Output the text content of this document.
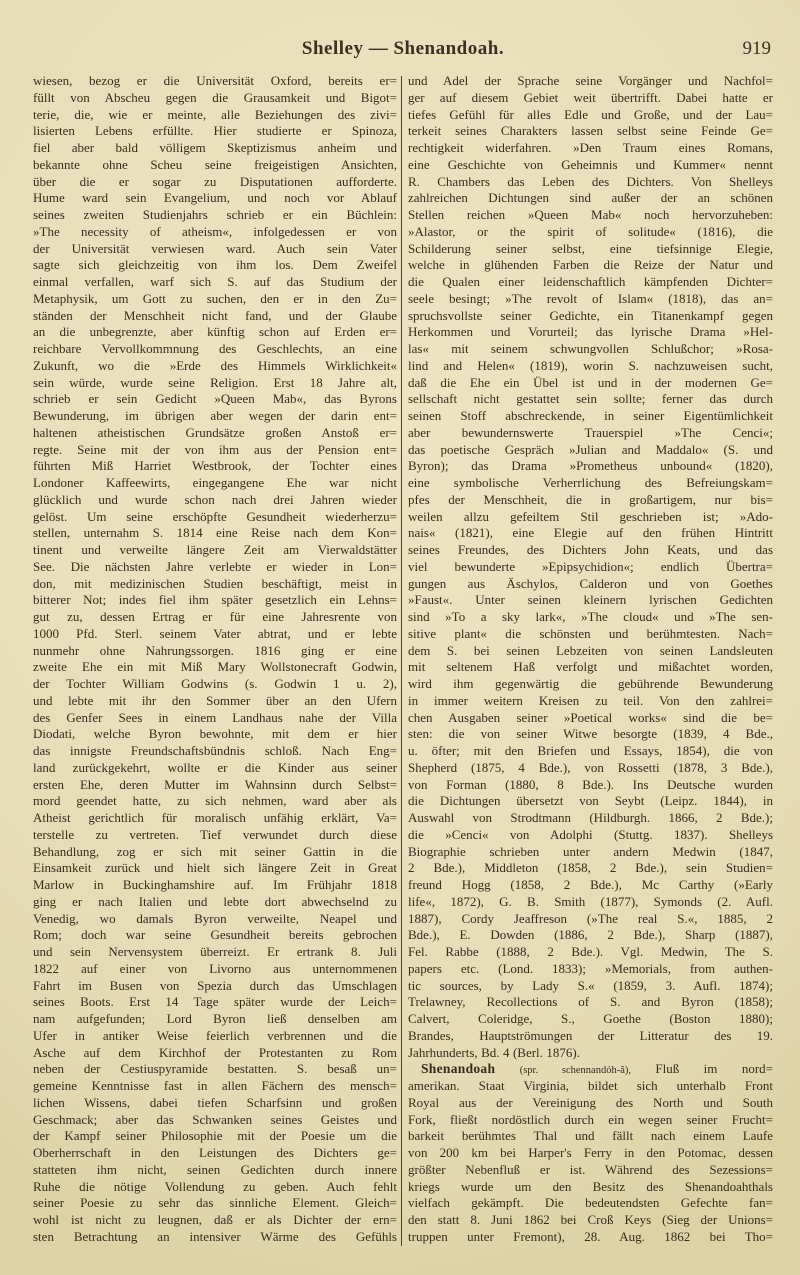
Shelley — Shenandoah.	919
wiesen, bezog er die Universität Oxford, bereits er=
füllt von Abscheu gegen die Grausamkeit und Bigot=
terie, die, wie er meinte, alle Beziehungen des zivi=
lisierten Lebens erfüllte. Hier studierte er Spinoza,
fiel aber bald völligem Skeptizismus anheim und
bekannte ohne Scheu seine freigeistigen Ansichten,
über die er sogar zu Disputationen aufforderte.
Hume ward sein Evangelium, und noch vor Ablauf
seines zweiten Studienjahrs schrieb er ein Büchlein:
»The necessity of atheism«, infolgedessen er von
der Universität verwiesen ward. Auch sein Vater
sagte sich gleichzeitig von ihm los. Dem Zweifel
einmal verfallen, warf sich S. auf das Studium der
Metaphysik, um Gott zu suchen, den er in den Zu=
ständen der Menschheit nicht fand, und der Glaube
an die unbegrenzte, aber künftig schon auf Erden er=
reichbare Vervollkommnung des Geschlechts, an eine
Zukunft, wo die »Erde des Himmels Wirklichkeit«
sein würde, wurde seine Religion. Erst 18 Jahre alt,
schrieb er sein Gedicht »Queen Mab«, das Byrons
Bewunderung, im übrigen aber wegen der darin ent=
haltenen atheistischen Grundsätze großen Anstoß er=
regte. Seine mit der von ihm aus der Pension ent=
führten Miß Harriet Westbrook, der Tochter eines
Londoner Kaffeewirts, eingegangene Ehe war nicht
glücklich und wurde schon nach drei Jahren wieder
gelöst. Um seine erschöpfte Gesundheit wiederherzu=
stellen, unternahm S. 1814 eine Reise nach dem Kon=
tinent und verweilte längere Zeit am Vierwaldstätter
See. Die nächsten Jahre verlebte er wieder in Lon=
don, mit medizinischen Studien beschäftigt, meist in
bitterer Not; indes fiel ihm später gesetzlich ein Lehns=
gut zu, dessen Ertrag er für eine Jahresrente von
1000 Pfd. Sterl. seinem Vater abtrat, und er lebte
nunmehr ohne Nahrungssorgen. 1816 ging er eine
zweite Ehe ein mit Miß Mary Wollstonecraft Godwin,
der Tochter William Godwins (s. Godwin 1 u. 2),
und lebte mit ihr den Sommer über an den Ufern
des Genfer Sees in einem Landhaus nahe der Villa
Diodati, welche Byron bewohnte, mit dem er hier
das innigste Freundschaftsbündnis schloß. Nach Eng=
land zurückgekehrt, wollte er die Kinder aus seiner
ersten Ehe, deren Mutter im Wahnsinn durch Selbst=
mord geendet hatte, zu sich nehmen, ward aber als
Atheist gerichtlich für moralisch unfähig erklärt, Va=
terstelle zu vertreten. Tief verwundet durch diese
Behandlung, zog er sich mit seiner Gattin in die
Einsamkeit zurück und hielt sich längere Zeit in Great
Marlow in Buckinghamshire auf. Im Frühjahr 1818
ging er nach Italien und lebte dort abwechselnd zu
Venedig, wo damals Byron verweilte, Neapel und
Rom; doch war seine Gesundheit bereits gebrochen
und sein Nervensystem überreizt. Er ertrank 8. Juli
1822 auf einer von Livorno aus unternommenen
Fahrt im Busen von Spezia durch das Umschlagen
seines Boots. Erst 14 Tage später wurde der Leich=
nam aufgefunden; Lord Byron ließ denselben am
Ufer in antiker Weise feierlich verbrennen und die
Asche auf dem Kirchhof der Protestanten zu Rom
neben der Cestiuspyramide bestatten. S. besaß un=
gemeine Kenntnisse fast in allen Fächern des mensch=
lichen Wissens, dabei tiefen Scharfsinn und großen
Geschmack; aber das Schwanken seines Geistes und
der Kampf seiner Philosophie mit der Poesie um die
Oberherrschaft in den Leistungen des Dichters ge=
statteten ihm nicht, seinen Gedichten durch innere
Ruhe die nötige Vollendung zu geben. Auch fehlt
seiner Poesie zu sehr das sinnliche Element. Gleich=
wohl ist nicht zu leugnen, daß er als Dichter der ern=
sten Betrachtung an intensiver Wärme des Gefühls
und Adel der Sprache seine Vorgänger und Nachfol=
ger auf diesem Gebiet weit übertrifft. Dabei hatte er
tiefes Gefühl für alles Edle und Große, und der Lau=
terkeit seines Charakters lassen selbst seine Feinde Ge=
rechtigkeit widerfahren. »Den Traum eines Romans,
eine Geschichte von Geheimnis und Kummer« nennt
R. Chambers das Leben des Dichters. Von Shelleys
zahlreichen Dichtungen sind außer der an schönen
Stellen reichen »Queen Mab« noch hervorzuheben:
»Alastor, or the spirit of solitude« (1816), die
Schilderung seiner selbst, eine tiefsinnige Elegie,
welche in glühenden Farben die Reize der Natur und
die Qualen einer leidenschaftlich kämpfenden Dichter=
seele besingt; »The revolt of Islam« (1818), das an=
spruchsvollste seiner Gedichte, ein Titanenkampf gegen
Herkommen und Vorurteil; das lyrische Drama »Hel-
las« mit seinem schwungvollen Schlußchor; »Rosa-
lind and Helen« (1819), worin S. nachzuweisen sucht,
daß die Ehe ein Übel ist und in der modernen Ge=
sellschaft nicht gestattet sein sollte; ferner das durch
seinen Stoff abschreckende, in seiner Eigentümlichkeit
aber bewundernswerte Trauerspiel »The Cenci«;
das poetische Gespräch »Julian and Maddalo« (S. und
Byron); das Drama »Prometheus unbound« (1820),
eine symbolische Verherrlichung des Befreiungskam=
pfes der Menschheit, die in großartigem, nur bis=
weilen allzu gefeiltem Stil geschrieben ist; »Ado-
nais« (1821), eine Elegie auf den frühen Hintritt
seines Freundes, des Dichters John Keats, und das
viel bewunderte »Epipsychidion«; endlich Übertra=
gungen aus Äschylos, Calderon und von Goethes
»Faust«. Unter seinen kleinern lyrischen Gedichten
sind »To a sky lark«, »The cloud« und »The sen-
sitive plant« die schönsten und berühmtesten. Nach=
dem S. bei seinen Lebzeiten von seinen Landsleuten
mit seltenem Haß verfolgt und mißachtet worden,
wird ihm gegenwärtig die gebührende Bewunderung
in immer weitern Kreisen zu teil. Von den zahlrei=
chen Ausgaben seiner »Poetical works« sind die be=
sten: die von seiner Witwe besorgte (1839, 4 Bde.,
u. öfter; mit den Briefen und Essays, 1854), die von
Shepherd (1875, 4 Bde.), von Rossetti (1878, 3 Bde.),
von Forman (1880, 8 Bde.). Ins Deutsche wurden
die Dichtungen übersetzt von Seybt (Leipz. 1844), in
Auswahl von Strodtmann (Hildburgh. 1866, 2 Bde.);
die »Cenci« von Adolphi (Stuttg. 1837). Shelleys
Biographie schrieben unter andern Medwin (1847,
2 Bde.), Middleton (1858, 2 Bde.), sein Studien=
freund Hogg (1858, 2 Bde.), Mc Carthy (»Early
life«, 1872), G. B. Smith (1877), Symonds (2. Aufl.
1887), Cordy Jeaffreson (»The real S.«, 1885, 2
Bde.), E. Dowden (1886, 2 Bde.), Sharp (1887),
Fel. Rabbe (1888, 2 Bde.). Vgl. Medwin, The S.
papers etc. (Lond. 1833); »Memorials, from authen-
tic sources, by Lady S.« (1859, 3. Aufl. 1874);
Trelawney, Recollections of S. and Byron (1858);
Calvert, Coleridge, S., Goethe (Boston 1880);
Brandes, Hauptströmungen der Litteratur des 19.
Jahrhunderts, Bd. 4 (Berl. 1876).
Shenandoah (spr. schennandóh-ă), Fluß im nord=
amerikan. Staat Virginia, bildet sich unterhalb Front
Royal aus der Vereinigung des North und South
Fork, fließt nordöstlich durch ein wegen seiner Frucht=
barkeit berühmtes Thal und fällt nach einem Laufe
von 200 km bei Harper's Ferry in den Potomac, dessen
größter Nebenfluß er ist. Während des Sezessions=
kriegs wurde um den Besitz des Shenandoahthals
vielfach gekämpft. Die bedeutendsten Gefechte fan=
den statt 8. Juni 1862 bei Croß Keys (Sieg der Unions=
truppen unter Fremont), 28. Aug. 1862 bei Tho=
